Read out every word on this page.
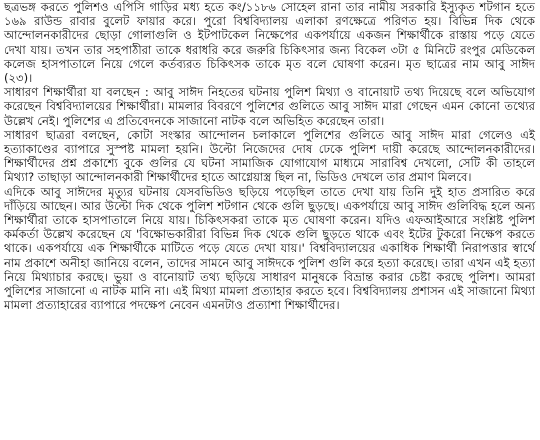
ছত্রভঙ্গ করতে পুলিশও এপিসি গাড়ির মধ্য হতে কং/১১৮৬ সোহেল রানা তার নামীয় সরকারি ইস্যুকৃত শটগান হতে ১৬৯ রাউন্ড রাবার বুলেট ফায়ার করে। পুরো বিশ্ববিদ্যালয় এলাকা রণক্ষেত্রে পরিণত হয়। বিভিন্ন দিক থেকে আন্দোলনকারীদের ছোড়া গোলাগুলি ও ইটপাটকেল নিক্ষেপের একপর্যায়ে একজন শিক্ষার্থীকে রাস্তায় পড়ে যেতে দেখা যায়। তখন তার সহপাঠীরা তাকে ধরাধরি করে জরুরি চিকিৎসার জন্য বিকেল ৩টা ৫ মিনিটে রংপুর মেডিকেল কলেজ হাসপাতালে নিয়ে গেলে কর্তব্যরত চিকিৎসক তাকে মৃত বলে ঘোষণা করেন। মৃত ছাত্রের নাম আবু সাঈদ (২৩)।

সাধারণ শিক্ষার্থীরা যা বলছেন : আবু সাঈদ নিহতের ঘটনায় পুলিশ মিথ্যা ও বানোয়াট তথ্য দিয়েছে বলে অভিযোগ করেছেন বিশ্ববিদ্যালয়ের শিক্ষার্থীরা। মামলার বিবরণে পুলিশের গুলিতে আবু সাঈদ মারা গেছেন এমন কোনো তথ্যের উল্লেখ নেই। পুলিশের এ প্রতিবেদনকে সাজানো নাটক বলে অভিহিত করেছেন তারা।

সাধারণ ছাত্ররা বলছেন, কোটা সংস্কার আন্দোলন চলাকালে পুলিশের গুলিতে আবু সাঈদ মারা গেলেও এই হত্যাকাণ্ডের ব্যাপারে সুস্পষ্ট মামলা হয়নি। উল্টো নিজেদের দোষ ঢেকে পুলিশ দায়ী করেছে আন্দোলনকারীদের। শিক্ষার্থীদের প্রশ্ন প্রকাশ্যে বুকে গুলির যে ঘটনা সামাজিক যোগাযোগ মাধ্যমে সারাবিশ্ব দেখলো, সেটি কী তাহলে মিথ্যা? তাছাড়া আন্দোলনকারী শিক্ষার্থীদের হাতে আগ্নেয়াস্ত্র ছিল না, ভিডিও দেখলে তার প্রমাণ মিলবে।

এদিকে আবু সাঈদের মৃত্যুর ঘটনায় যেসবভিডিও ছড়িয়ে পড়েছিল তাতে দেখা যায় তিনি দুই হাত প্রসারিত করে দাঁড়িয়ে আছেন। আর উল্টো দিক থেকে পুলিশ শটগান থেকে গুলি ছুড়ছে। একপর্যায়ে আবু সাঈদ গুলিবিদ্ধ হলে অন্য শিক্ষার্থীরা তাকে হাসপাতালে নিয়ে যায়। চিকিৎসকরা তাকে মৃত ঘোষণা করেন। যদিও এফআইআরে সংশ্লিষ্ট পুলিশ কর্মকর্তা উল্লেখ করেছেন যে 'বিক্ষোভকারীরা বিভিন্ন দিক থেকে গুলি ছুড়তে থাকে এবং ইটের টুকরো নিক্ষেপ করতে থাকে। একপর্যায়ে এক শিক্ষার্থীকে মাটিতে পড়ে যেতে দেখা যায়।' বিশ্ববিদ্যালয়ের একাধিক শিক্ষার্থী নিরাপত্তার স্বার্থে নাম প্রকাশে অনীহা জানিয়ে বলেন, তাদের সামনে আবু সাঈদকে পুলিশ গুলি করে হত্যা করেছে। তারা এখন এই হত্যা নিয়ে মিথ্যাচার করছে। ভুয়া ও বানোয়াট তথ্য ছড়িয়ে সাধারণ মানুষকে বিভ্রান্ত করার চেষ্টা করছে পুলিশ। আমরা পুলিশের সাজানো এ নাটক মানি না। এই মিথ্যা মামলা প্রত্যাহার করতে হবে। বিশ্ববিদ্যালয় প্রশাসন এই সাজানো মিথ্যা মামলা প্রত্যাহারের ব্যাপারে পদক্ষেপ নেবেন এমনটাও প্রত্যাশা শিক্ষার্থীদের।
